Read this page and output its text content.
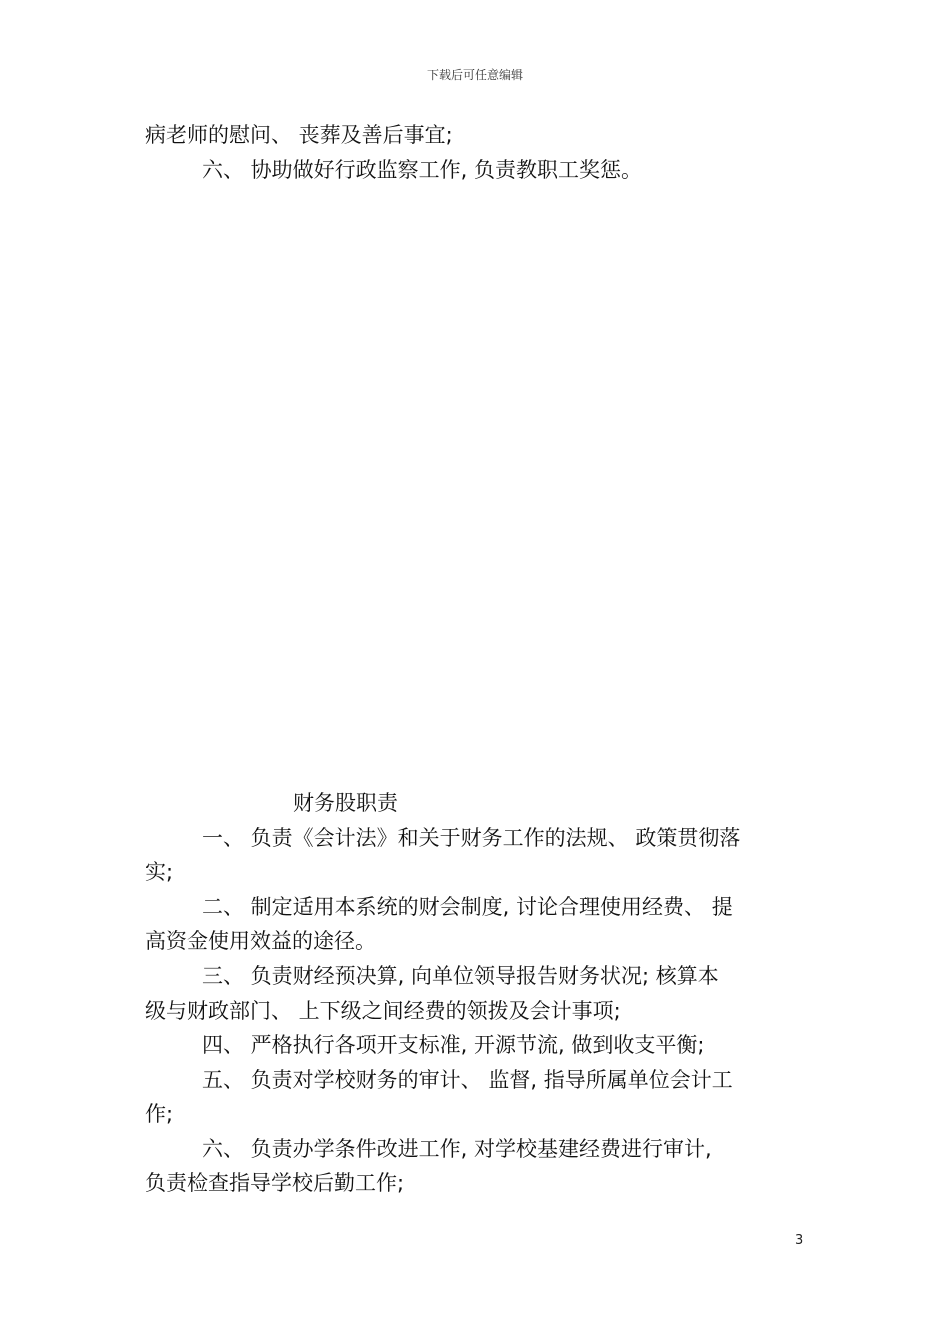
下载后可任意编辑
病老师的慰问、 丧葬及善后事宜;
六、 协助做好行政监察工作, 负责教职工奖惩。
财务股职责
一、 负责《会计法》和关于财务工作的法规、 政策贯彻落
实;
二、 制定适用本系统的财会制度, 讨论合理使用经费、 提
高资金使用效益的途径。
三、 负责财经预决算, 向单位领导报告财务状况; 核算本
级与财政部门、 上下级之间经费的领拨及会计事项;
四、 严格执行各项开支标准, 开源节流, 做到收支平衡;
五、 负责对学校财务的审计、 监督, 指导所属单位会计工
作;
六、 负责办学条件改进工作, 对学校基建经费进行审计,
负责检查指导学校后勤工作;
3
